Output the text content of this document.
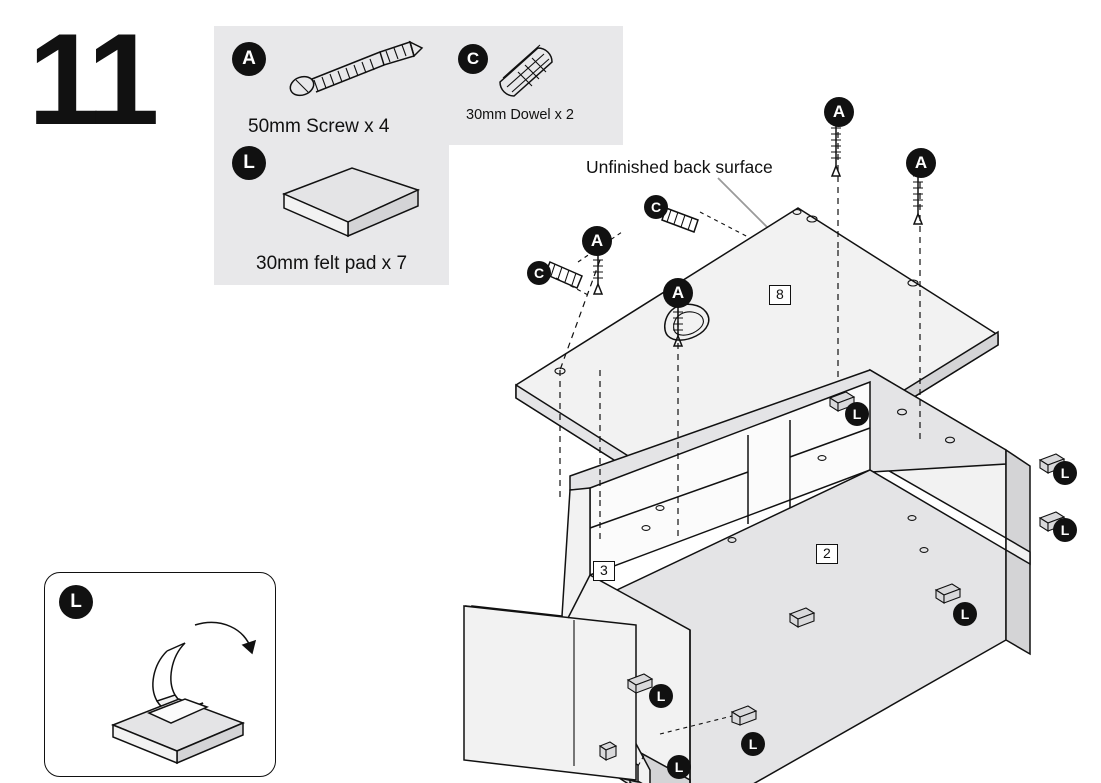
11	A
50mm Screw x 4
C
30mm Dowel x 2
L
30mm felt pad x 7
Unfinished back surface
A
A
A
A
C
C
L
L
L
L
L
L
L
8
3
2
L
